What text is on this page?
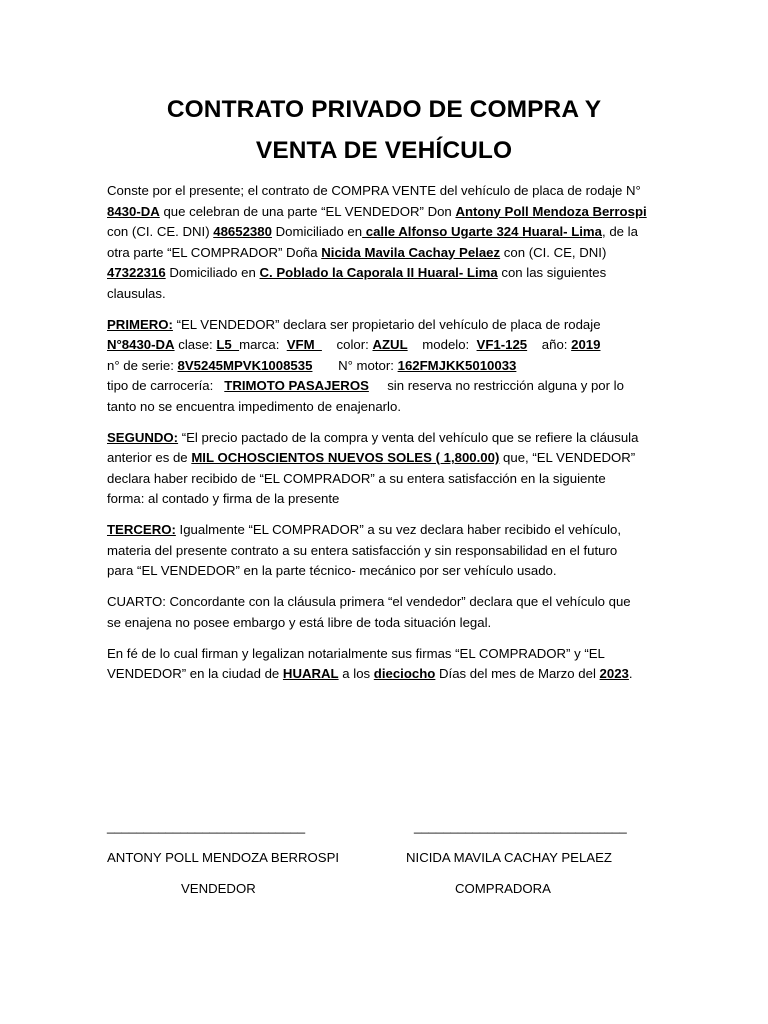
CONTRATO PRIVADO DE COMPRA Y
VENTA DE VEHÍCULO
Conste por el presente; el contrato de COMPRA VENTE del vehículo de placa de rodaje N°
8430-DA que celebran de una parte “EL VENDEDOR” Don Antony Poll Mendoza Berrospi
con (CI. CE. DNI) 48652380 Domiciliado en calle Alfonso Ugarte 324 Huaral- Lima, de la
otra parte “EL COMPRADOR” Doña Nicida Mavila Cachay Pelaez con (CI. CE, DNI)
47322316 Domiciliado en C. Poblado la Caporala II Huaral- Lima con las siguientes
clausulas.
PRIMERO: “EL VENDEDOR” declara ser propietario del vehículo de placa de rodaje
N°8430-DA clase: L5  marca:  VFM      color: AZUL    modelo:  VF1-125    año: 2019
n° de serie: 8V5245MPVK1008535       N° motor: 162FMJKK5010033
tipo de carrocería:   TRIMOTO PASAJEROS     sin reserva no restricción alguna y por lo
tanto no se encuentra impedimento de enajenarlo.
SEGUNDO: “El precio pactado de la compra y venta del vehículo que se refiere la cláusula
anterior es de MIL OCHOSCIENTOS NUEVOS SOLES ( 1,800.00) que, “EL VENDEDOR”
declara haber recibido de “EL COMPRADOR” a su entera satisfacción en la siguiente
forma: al contado y firma de la presente
TERCERO: Igualmente “EL COMPRADOR” a su vez declara haber recibido el vehículo,
materia del presente contrato a su entera satisfacción y sin responsabilidad en el futuro
para “EL VENDEDOR” en la parte técnico- mecánico por ser vehículo usado.
CUARTO: Concordante con la cláusula primera “el vendedor” declara que el vehículo que
se enajena no posee embargo y está libre de toda situación legal.
En fé de lo cual firman y legalizan notarialmente sus firmas “EL COMPRADOR” y “EL
VENDEDOR” en la ciudad de HUARAL a los dieciocho Días del mes de Marzo del 2023.
___________________________	_____________________________
ANTONY POLL MENDOZA BERROSPI	NICIDA MAVILA CACHAY PELAEZ
VENDEDOR	COMPRADORA
